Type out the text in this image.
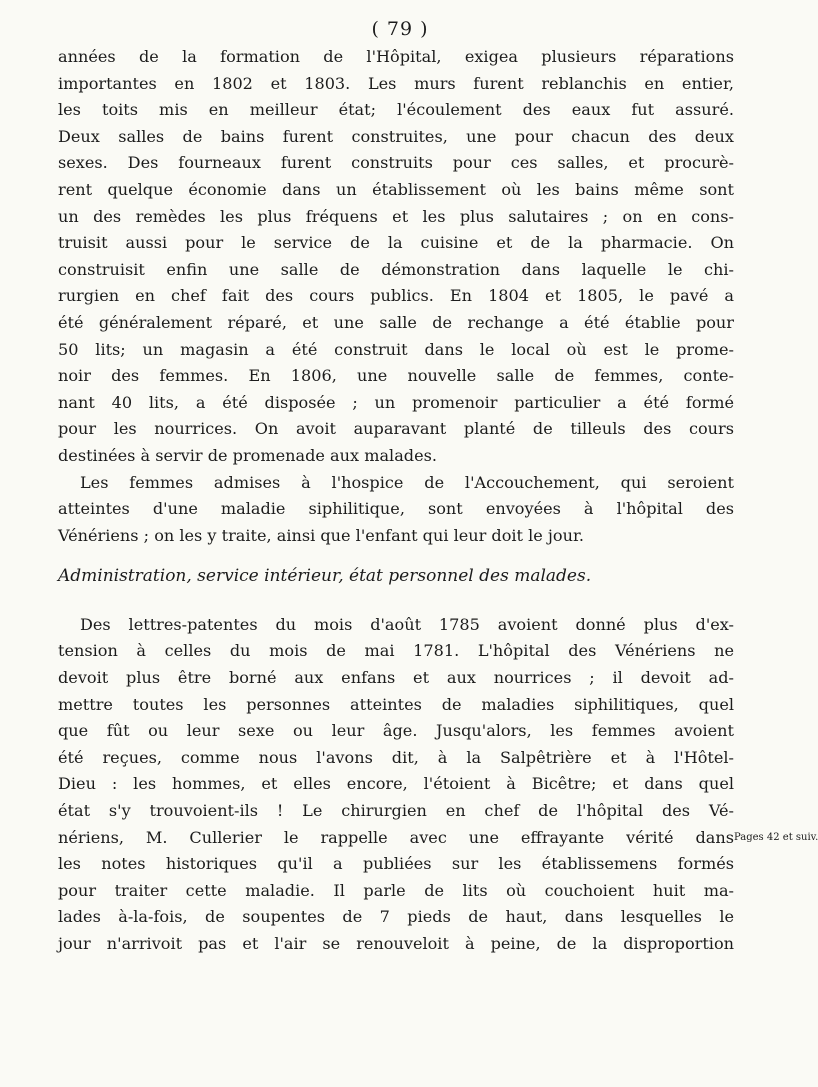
( 79 )
années de la formation de l'Hôpital, exigea plusieurs réparations
importantes en 1802 et 1803. Les murs furent reblanchis en entier,
les toits mis en meilleur état; l'écoulement des eaux fut assuré.
Deux salles de bains furent construites, une pour chacun des deux
sexes. Des fourneaux furent construits pour ces salles, et procurè-
rent quelque économie dans un établissement où les bains même sont
un des remèdes les plus fréquens et les plus salutaires ; on en cons-
truisit aussi pour le service de la cuisine et de la pharmacie. On
construisit enfin une salle de démonstration dans laquelle le chi-
rurgien en chef fait des cours publics. En 1804 et 1805, le pavé a
été généralement réparé, et une salle de rechange a été établie pour
50 lits; un magasin a été construit dans le local où est le prome-
noir des femmes. En 1806, une nouvelle salle de femmes, conte-
nant 40 lits, a été disposée ; un promenoir particulier a été formé
pour les nourrices. On avoit auparavant planté de tilleuls des cours
destinées à servir de promenade aux malades.
Les femmes admises à l'hospice de l'Accouchement, qui seroient
atteintes d'une maladie siphilitique, sont envoyées à l'hôpital des
Vénériens ; on les y traite, ainsi que l'enfant qui leur doit le jour.
Administration, service intérieur, état personnel des malades.
Des lettres-patentes du mois d'août 1785 avoient donné plus d'ex-
tension à celles du mois de mai 1781. L'hôpital des Vénériens ne
devoit plus être borné aux enfans et aux nourrices ; il devoit ad-
mettre toutes les personnes atteintes de maladies siphilitiques, quel
que fût ou leur sexe ou leur âge. Jusqu'alors, les femmes avoient
été reçues, comme nous l'avons dit, à la Salpêtrière et à l'Hôtel-
Dieu : les hommes, et elles encore, l'étoient à Bicêtre; et dans quel
état s'y trouvoient-ils ! Le chirurgien en chef de l'hôpital des Vé-
nériens, M. Cullerier le rappelle avec une effrayante vérité dans Pages 42 et suiv.
les notes historiques qu'il a publiées sur les établissemens formés
pour traiter cette maladie. Il parle de lits où couchoient huit ma-
lades à-la-fois, de soupentes de 7 pieds de haut, dans lesquelles le
jour n'arrivoit pas et l'air se renouveloit à peine, de la disproportion
